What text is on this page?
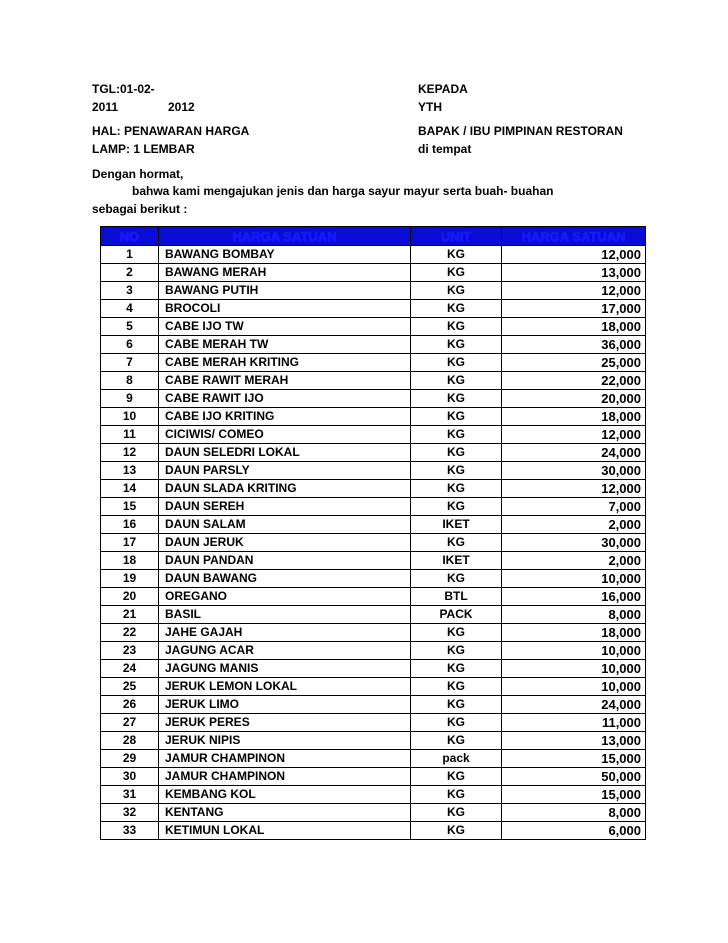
TGL:01-02-
2011	2012
KEPADA
YTH
HAL: PENAWARAN HARGA
LAMP: 1 LEMBAR
BAPAK / IBU PIMPINAN RESTORAN
di tempat
Dengan hormat,
bahwa kami mengajukan jenis dan harga sayur mayur serta buah- buahan
sebagai berikut :
NO	HARGA SATUAN	UNIT	HARGA SATUAN
1	BAWANG BOMBAY	KG	12,000
2	BAWANG MERAH	KG	13,000
3	BAWANG PUTIH	KG	12,000
4	BROCOLI	KG	17,000
5	CABE IJO TW	KG	18,000
6	CABE MERAH TW	KG	36,000
7	CABE MERAH KRITING	KG	25,000
8	CABE RAWIT MERAH	KG	22,000
9	CABE RAWIT IJO	KG	20,000
10	CABE IJO KRITING	KG	18,000
11	CICIWIS/ COMEO	KG	12,000
12	DAUN SELEDRI LOKAL	KG	24,000
13	DAUN PARSLY	KG	30,000
14	DAUN SLADA KRITING	KG	12,000
15	DAUN SEREH	KG	7,000
16	DAUN SALAM	IKET	2,000
17	DAUN JERUK	KG	30,000
18	DAUN PANDAN	IKET	2,000
19	DAUN BAWANG	KG	10,000
20	OREGANO	BTL	16,000
21	BASIL	PACK	8,000
22	JAHE GAJAH	KG	18,000
23	JAGUNG ACAR	KG	10,000
24	JAGUNG MANIS	KG	10,000
25	JERUK LEMON LOKAL	KG	10,000
26	JERUK LIMO	KG	24,000
27	JERUK PERES	KG	11,000
28	JERUK NIPIS	KG	13,000
29	JAMUR CHAMPINON	pack	15,000
30	JAMUR CHAMPINON	KG	50,000
31	KEMBANG KOL	KG	15,000
32	KENTANG	KG	8,000
33	KETIMUN LOKAL	KG	6,000
